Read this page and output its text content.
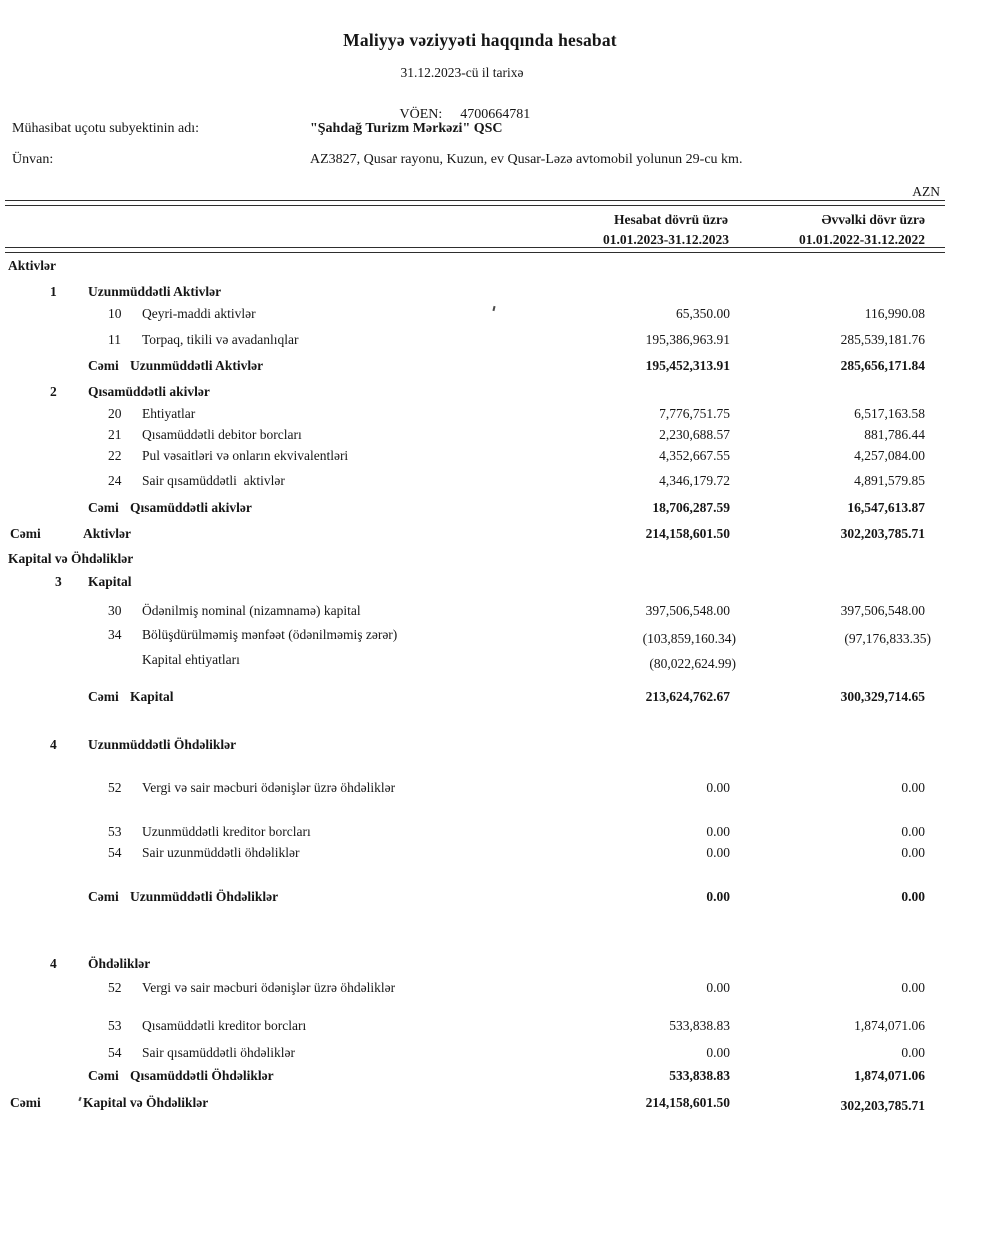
Maliyyə vəziyyəti haqqında hesabat
31.12.2023-cü il tarixə

VÖEN: 4700664781

Mühasibat uçotu subyektinin adı:	"Şahdağ Turizm Mərkəzi" QSC
Ünvan:	AZ3827, Qusar rayonu, Kuzun, ev Qusar-Ləzə avtomobil yolunun 29-cu km.
AZN
Hesabat dövrü üzrə
01.01.2023-31.12.2023
Əvvəlki dövr üzrə
01.01.2022-31.12.2022
Aktivlər
1 Uzunmüddətli Aktivlər
10 Qeyri-maddi aktivlər	65,350.00	116,990.08
11 Torpaq, tikili və avadanlıqlar	195,386,963.91	285,539,181.76
Cəmi Uzunmüddətli Aktivlər	195,452,313.91	285,656,171.84
2 Qısamüddətli akivlər
20 Ehtiyatlar	7,776,751.75	6,517,163.58
21 Qısamüddətli debitor borcları	2,230,688.57	881,786.44
22 Pul vəsaitləri və onların ekvivalentləri	4,352,667.55	4,257,084.00
24 Sair qısamüddətli  aktivlər	4,346,179.72	4,891,579.85
Cəmi Qısamüddətli akivlər	18,706,287.59	16,547,613.87
Cəmi	Aktivlər	214,158,601.50	302,203,785.71
Kapital və Öhdəliklər
3 Kapital
30 Ödənilmiş nominal (nizamnamə) kapital	397,506,548.00	397,506,548.00
34 Bölüşdürülməmiş mənfəət (ödənilməmiş zərər)	(103,859,160.34)	(97,176,833.35)
Kapital ehtiyatları	(80,022,624.99)
Cəmi Kapital	213,624,762.67	300,329,714.65
4 Uzunmüddətli Öhdəliklər
52 Vergi və sair məcburi ödənişlər üzrə öhdəliklər	0.00	0.00
53 Uzunmüddətli kreditor borcları	0.00	0.00
54 Sair uzunmüddətli öhdəliklər	0.00	0.00
Cəmi Uzunmüddətli Öhdəliklər	0.00	0.00
4 Öhdəliklər
52 Vergi və sair məcburi ödənişlər üzrə öhdəliklər	0.00	0.00
53 Qısamüddətli kreditor borcları	533,838.83	1,874,071.06
54 Sair qısamüddətli öhdəliklər	0.00	0.00
Cəmi Qısamüddətli Öhdəliklər	533,838.83	1,874,071.06
Cəmi	Kapital və Öhdəliklər	214,158,601.50	302,203,785.71
